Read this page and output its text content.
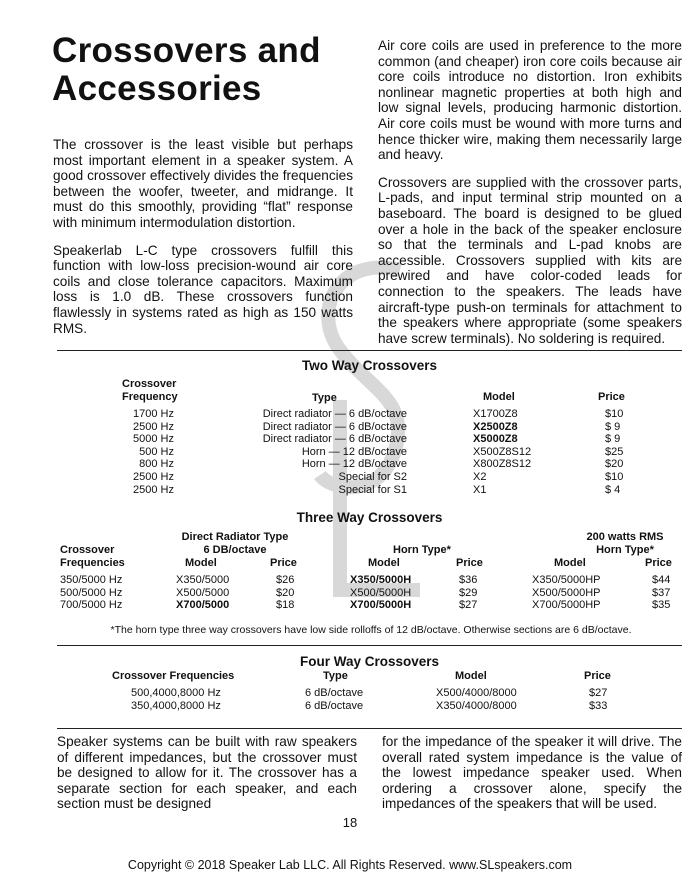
Crossovers and
Accessories

The crossover is the least visible but perhaps most important element in a speaker system. A good crossover effectively divides the frequencies between the woofer, tweeter, and midrange. It must do this smoothly, providing “flat” response with minimum intermodulation distortion.

Speakerlab L-C type crossovers fulfill this function with low-loss precision-wound air core coils and close tolerance capacitors. Maximum loss is 1.0 dB. These crossovers function flawlessly in systems rated as high as 150 watts RMS.

Air core coils are used in preference to the more common (and cheaper) iron core coils because air core coils introduce no distortion. Iron exhibits nonlinear magnetic properties at both high and low signal levels, producing harmonic distortion. Air core coils must be wound with more turns and hence thicker wire, making them necessarily large and heavy.

Crossovers are supplied with the crossover parts, L-pads, and input terminal strip mounted on a baseboard. The board is designed to be glued over a hole in the back of the speaker enclosure so that the terminals and L-pad knobs are accessible. Crossovers supplied with kits are prewired and have color-coded leads for connection to the speakers. The leads have aircraft-type push-on terminals for attachment to the speakers where appropriate (some speakers have screw terminals). No soldering is required.

Two Way Crossovers
Crossover
Frequency	Type	Model	Price
1700 Hz	Direct radiator — 6 dB/octave	X1700Z8	$10
2500 Hz	Direct radiator — 6 dB/octave	X2500Z8	$ 9
5000 Hz	Direct radiator — 6 dB/octave	X5000Z8	$ 9
500 Hz	Horn — 12 dB/octave	X500Z8S12	$25
800 Hz	Horn — 12 dB/octave	X800Z8S12	$20
2500 Hz	Special for S2	X2	$10
2500 Hz	Special for S1	X1	$ 4
Three Way Crossovers
Direct Radiator Type
6 DB/octave	Horn Type*
200 watts RMS
Horn Type*
Crossover
Frequencies	Model	Price	Model	Price	Model	Price
350/5000 Hz	X350/5000	$26	X350/5000H	$36	X350/5000HP	$44
500/5000 Hz	X500/5000	$20	X500/5000H	$29	X500/5000HP	$37
700/5000 Hz	X700/5000	$18	X700/5000H	$27	X700/5000HP	$35
*The horn type three way crossovers have low side rolloffs of 12 dB/octave. Otherwise sections are 6 dB/octave.
Four Way Crossovers
Crossover Frequencies	Type	Model	Price
500,4000,8000 Hz	6 dB/octave	X500/4000/8000	$27
350,4000,8000 Hz	6 dB/octave	X350/4000/8000	$33
Speaker systems can be built with raw speakers of different impedances, but the crossover must be designed to allow for it. The crossover has a separate section for each speaker, and each section must be designed
for the impedance of the speaker it will drive. The overall rated system impedance is the value of the lowest impedance speaker used. When ordering a crossover alone, specify the impedances of the speakers that will be used.
18
Copyright © 2018 Speaker Lab LLC. All Rights Reserved. www.SLspeakers.com
